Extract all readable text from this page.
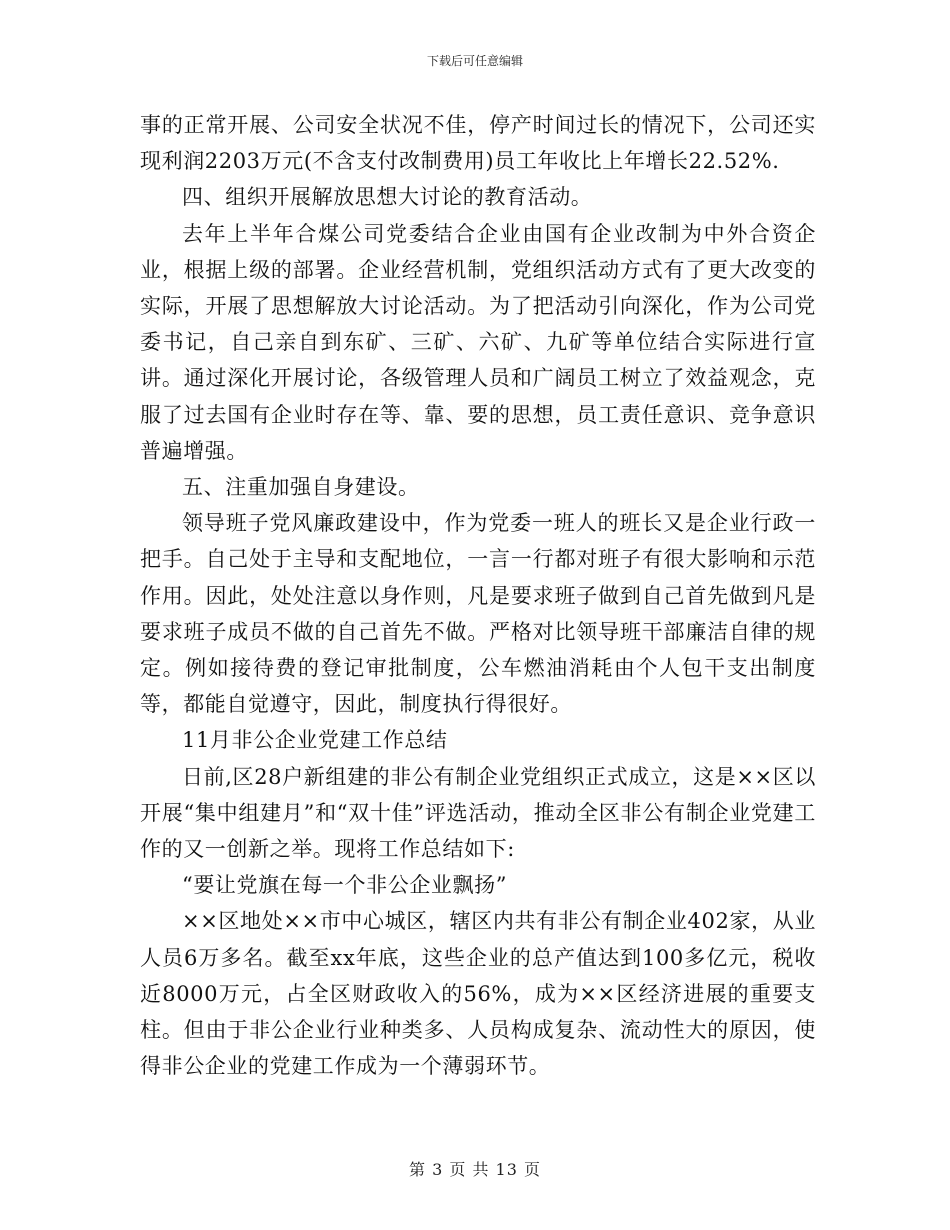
下载后可任意编辑

事的正常开展、公司安全状况不佳，停产时间过长的情况下，公司还实现利润2203万元(不含支付改制费用)员工年收比上年增长22.52%.

四、组织开展解放思想大讨论的教育活动。

去年上半年合煤公司党委结合企业由国有企业改制为中外合资企业，根据上级的部署。企业经营机制，党组织活动方式有了更大改变的实际，开展了思想解放大讨论活动。为了把活动引向深化，作为公司党委书记，自己亲自到东矿、三矿、六矿、九矿等单位结合实际进行宣讲。通过深化开展讨论，各级管理人员和广阔员工树立了效益观念，克服了过去国有企业时存在等、靠、要的思想，员工责任意识、竞争意识普遍增强。

五、注重加强自身建设。

领导班子党风廉政建设中，作为党委一班人的班长又是企业行政一把手。自己处于主导和支配地位，一言一行都对班子有很大影响和示范作用。因此，处处注意以身作则，凡是要求班子做到自己首先做到凡是要求班子成员不做的自己首先不做。严格对比领导班干部廉洁自律的规定。例如接待费的登记审批制度，公车燃油消耗由个人包干支出制度等，都能自觉遵守，因此，制度执行得很好。

11月非公企业党建工作总结

日前,区28户新组建的非公有制企业党组织正式成立，这是××区以开展“集中组建月”和“双十佳”评选活动，推动全区非公有制企业党建工作的又一创新之举。现将工作总结如下:

“要让党旗在每一个非公企业飘扬”

××区地处××市中心城区，辖区内共有非公有制企业402家，从业人员6万多名。截至xx年底，这些企业的总产值达到100多亿元，税收近8000万元，占全区财政收入的56%，成为××区经济进展的重要支柱。但由于非公企业行业种类多、人员构成复杂、流动性大的原因，使得非公企业的党建工作成为一个薄弱环节。

第 3 页 共 13 页
